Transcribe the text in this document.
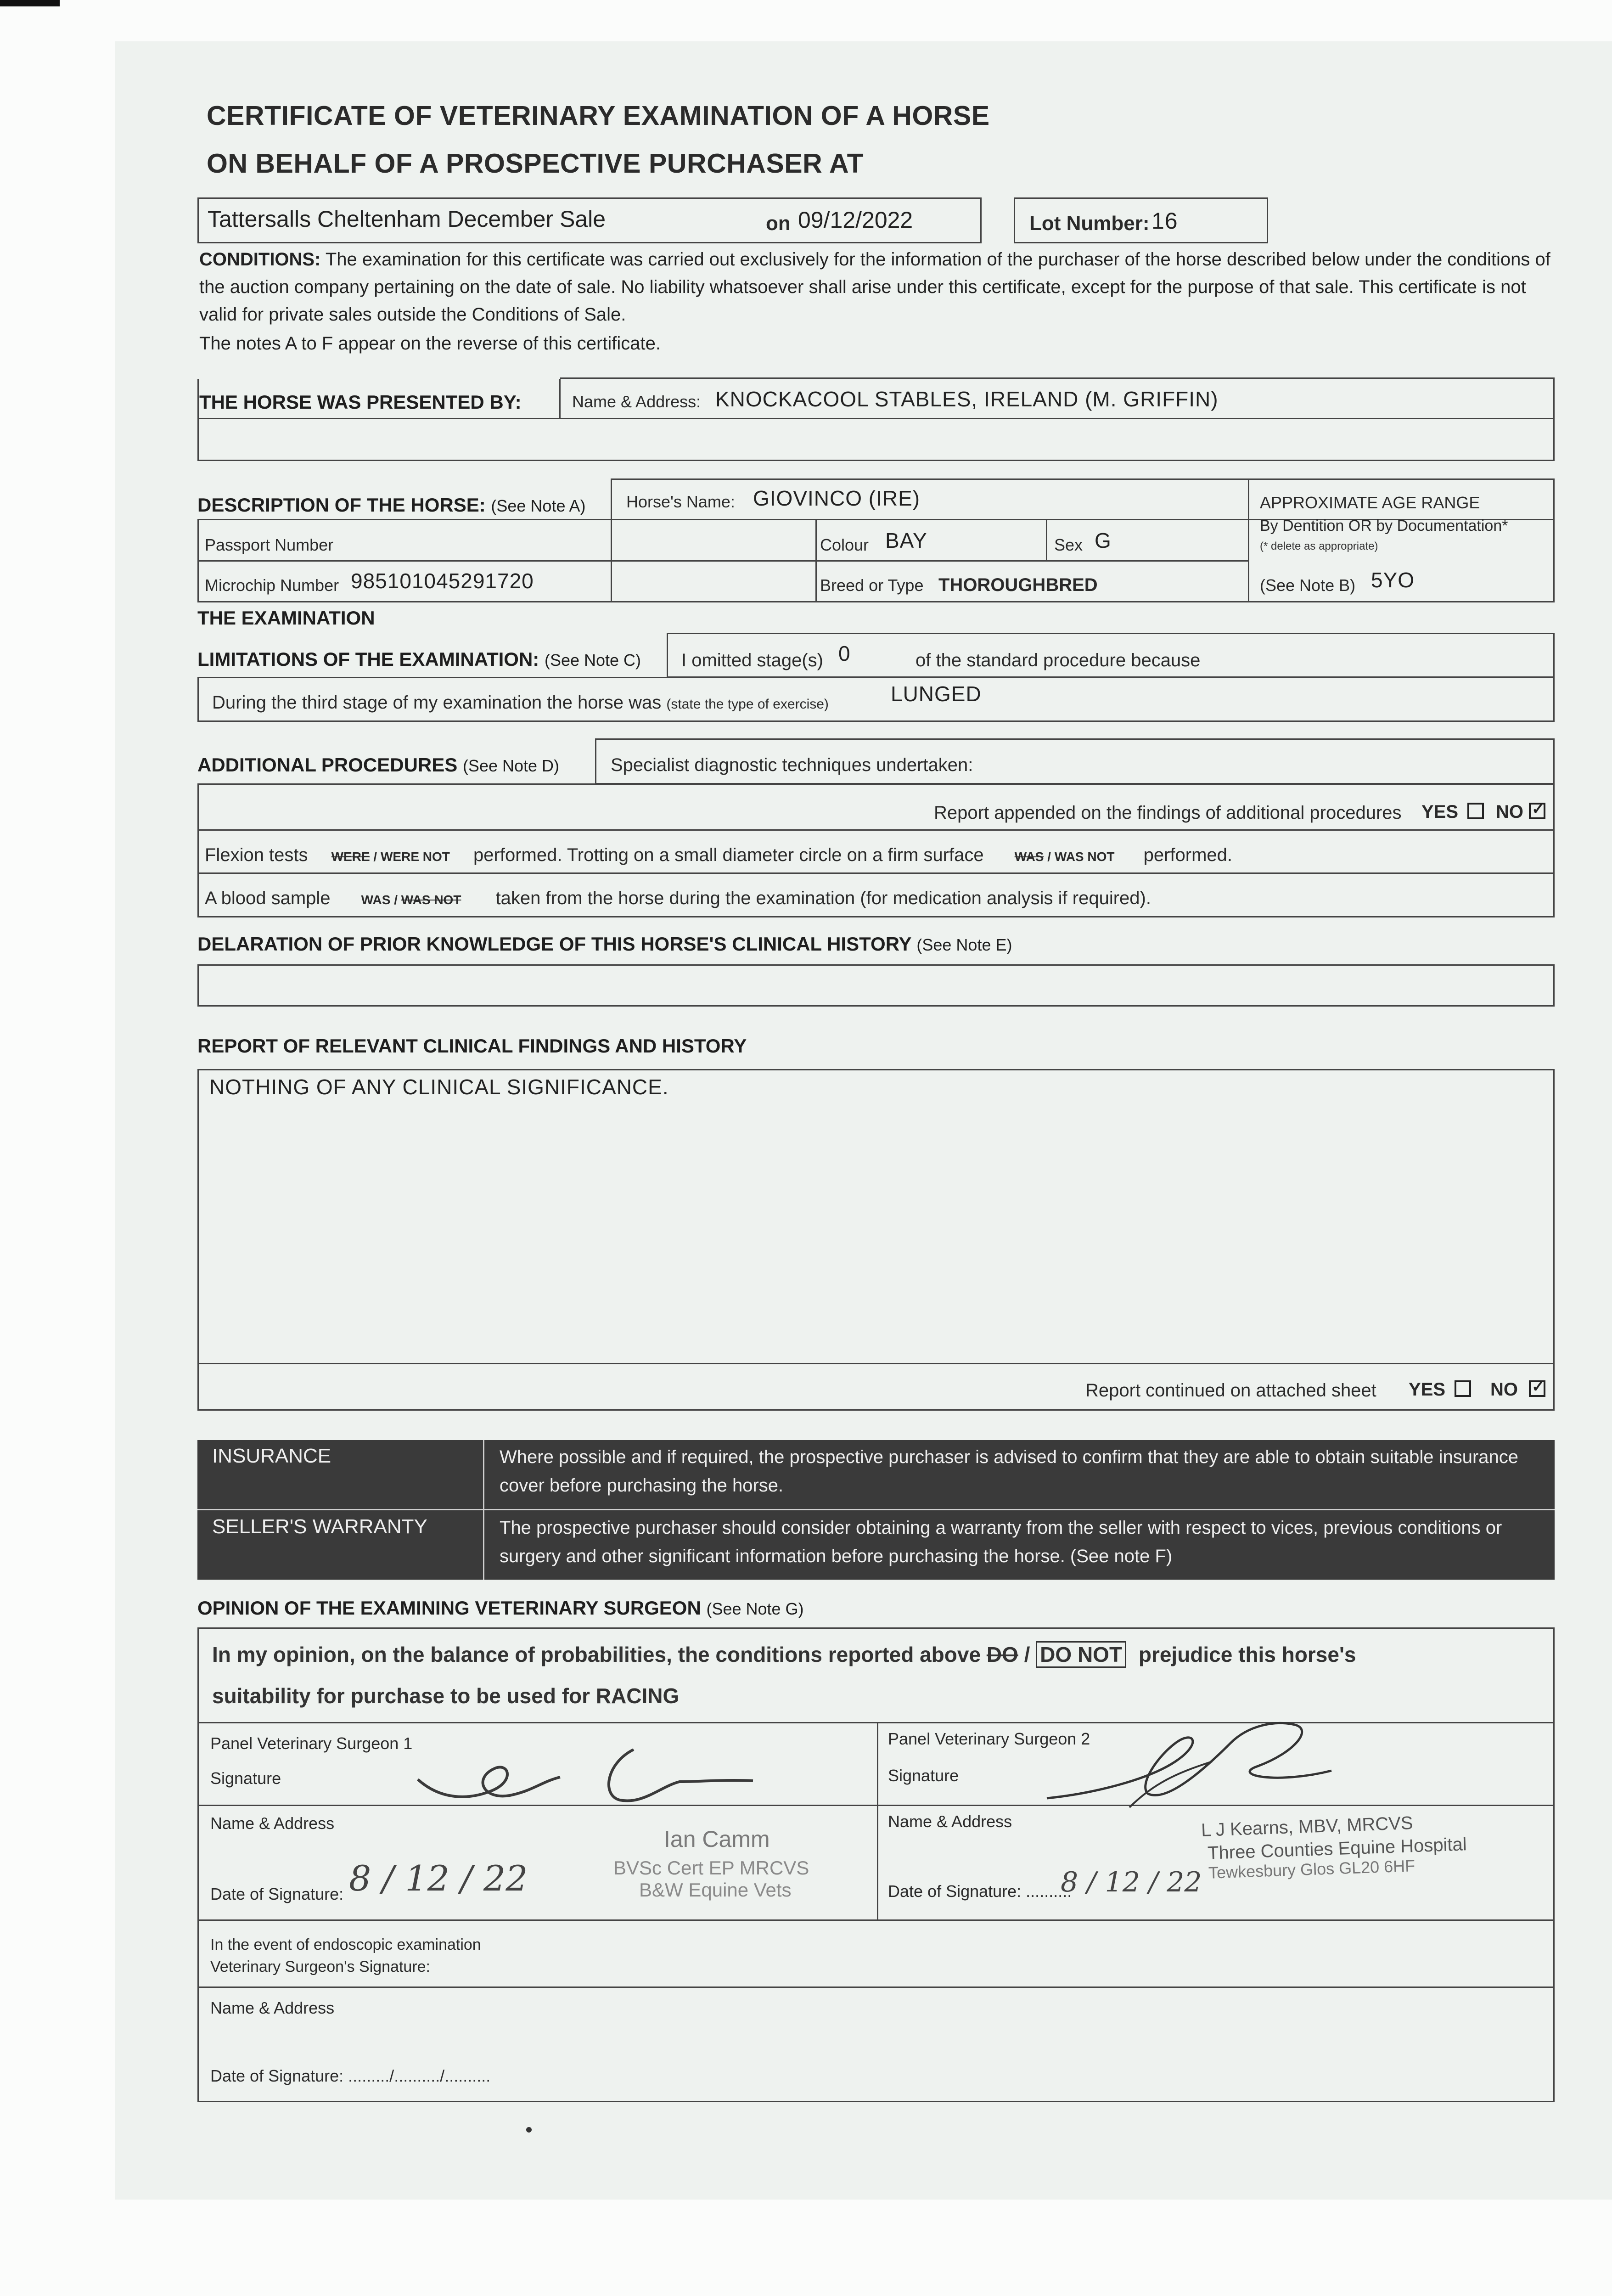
CERTIFICATE OF VETERINARY EXAMINATION OF A HORSE
ON BEHALF OF A PROSPECTIVE PURCHASER AT
Tattersalls Cheltenham December Sale	on 09/12/2022	Lot Number: 16
CONDITIONS: The examination for this certificate was carried out exclusively for the information of the purchaser of the horse described below under the conditions of the auction company pertaining on the date of sale. No liability whatsoever shall arise under this certificate, except for the purpose of that sale. This certificate is not valid for private sales outside the Conditions of Sale.
The notes A to F appear on the reverse of this certificate.
THE HORSE WAS PRESENTED BY:	Name & Address: KNOCKACOOL STABLES, IRELAND (M. GRIFFIN)
DESCRIPTION OF THE HORSE: (See Note A) Horse's Name: GIOVINCO (IRE)
Passport Number	Colour BAY	Sex G
Microchip Number 985101045291720	Breed or Type THOROUGHBRED
APPROXIMATE AGE RANGE
By Dentition OR by Documentation*
(* delete as appropriate)
(See Note B) 5YO
THE EXAMINATION
LIMITATIONS OF THE EXAMINATION: (See Note C) I omitted stage(s) 0	of the standard procedure because
During the third stage of my examination the horse was (state the type of exercise)	LUNGED
ADDITIONAL PROCEDURES (See Note D)	Specialist diagnostic techniques undertaken:
Report appended on the findings of additional procedures YES NO
✓
Flexion tests WERE / WERE NOT performed. Trotting on a small diameter circle on a firm surface WAS / WAS NOT performed.
A blood sample WAS / WAS NOT taken from the horse during the examination (for medication analysis if required).
DELARATION OF PRIOR KNOWLEDGE OF THIS HORSE'S CLINICAL HISTORY (See Note E)
REPORT OF RELEVANT CLINICAL FINDINGS AND HISTORY
NOTHING OF ANY CLINICAL SIGNIFICANCE.
Report continued on attached sheet YES NO
✓
INSURANCE	Where possible and if required, the prospective purchaser is advised to confirm that they are able to obtain suitable insurance cover before purchasing the horse.
SELLER'S WARRANTY	The prospective purchaser should consider obtaining a warranty from the seller with respect to vices, previous conditions or surgery and other significant information before purchasing the horse. (See note F)
OPINION OF THE EXAMINING VETERINARY SURGEON (See Note G)
In my opinion, on the balance of probabilities, the conditions reported above DO / DO NOT prejudice this horse's
suitability for purchase to be used for RACING
Panel Veterinary Surgeon 1
Signature
Name & Address
Ian Camm
BVSc Cert EP MRCVS
B&W Equine Vets
Date of Signature: 8 / 12 / 22
Panel Veterinary Surgeon 2
Signature
Name & Address	L J Kearns, MBV, MRCVS
Three Counties Equine Hospital
Tewkesbury Glos GL20 6HF
Date of Signature: ..........
8 / 12 / 22
In the event of endoscopic examination
Veterinary Surgeon's Signature:
Name & Address
Date of Signature: ........./........../..........
